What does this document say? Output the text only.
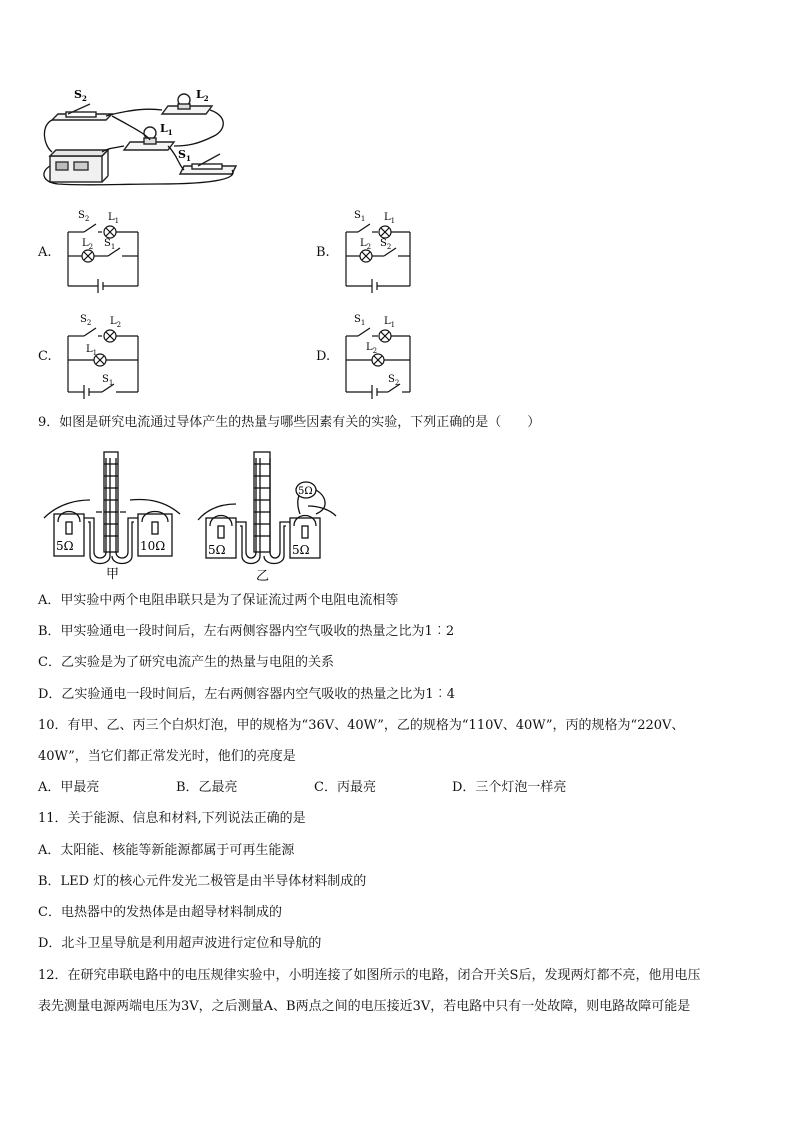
$S_2$	$L_2$
$L_1$
$S_1$
A.
$S_2$ $L_1$
$L_2$ $S_1$	B.
$S_1$ $L_1$
$L_2$ $S_2$
C.
$S_2$ $L_2$
$L_1$
$S_1$
D.
$S_1$ $L_1$
$L_2$
$S_2$
9．如图是研究电流通过导体产生的热量与哪些因素有关的实验，下列正确的是（　　）
5Ω	10Ω
甲
5Ω	5Ω
5Ω
乙
A．甲实验中两个电阻串联只是为了保证流过两个电阻电流相等
B．甲实验通电一段时间后，左右两侧容器内空气吸收的热量之比为1︰2
C．乙实验是为了研究电流产生的热量与电阻的关系
D．乙实验通电一段时间后，左右两侧容器内空气吸收的热量之比为1︰4
10．有甲、乙、丙三个白炽灯泡，甲的规格为“36V、40W”，乙的规格为“110V、40W”，丙的规格为“220V、
40W”，当它们都正常发光时，他们的亮度是
A．甲最亮	B．乙最亮	C．丙最亮	D．三个灯泡一样亮
11．关于能源、信息和材料,下列说法正确的是
A．太阳能、核能等新能源都属于可再生能源
B．LED 灯的核心元件发光二极管是由半导体材料制成的
C．电热器中的发热体是由超导材料制成的
D．北斗卫星导航是利用超声波进行定位和导航的
12．在研究串联电路中的电压规律实验中，小明连接了如图所示的电路，闭合开关S后，发现两灯都不亮，他用电压
表先测量电源两端电压为3V，之后测量A、B两点之间的电压接近3V，若电路中只有一处故障，则电路故障可能是
